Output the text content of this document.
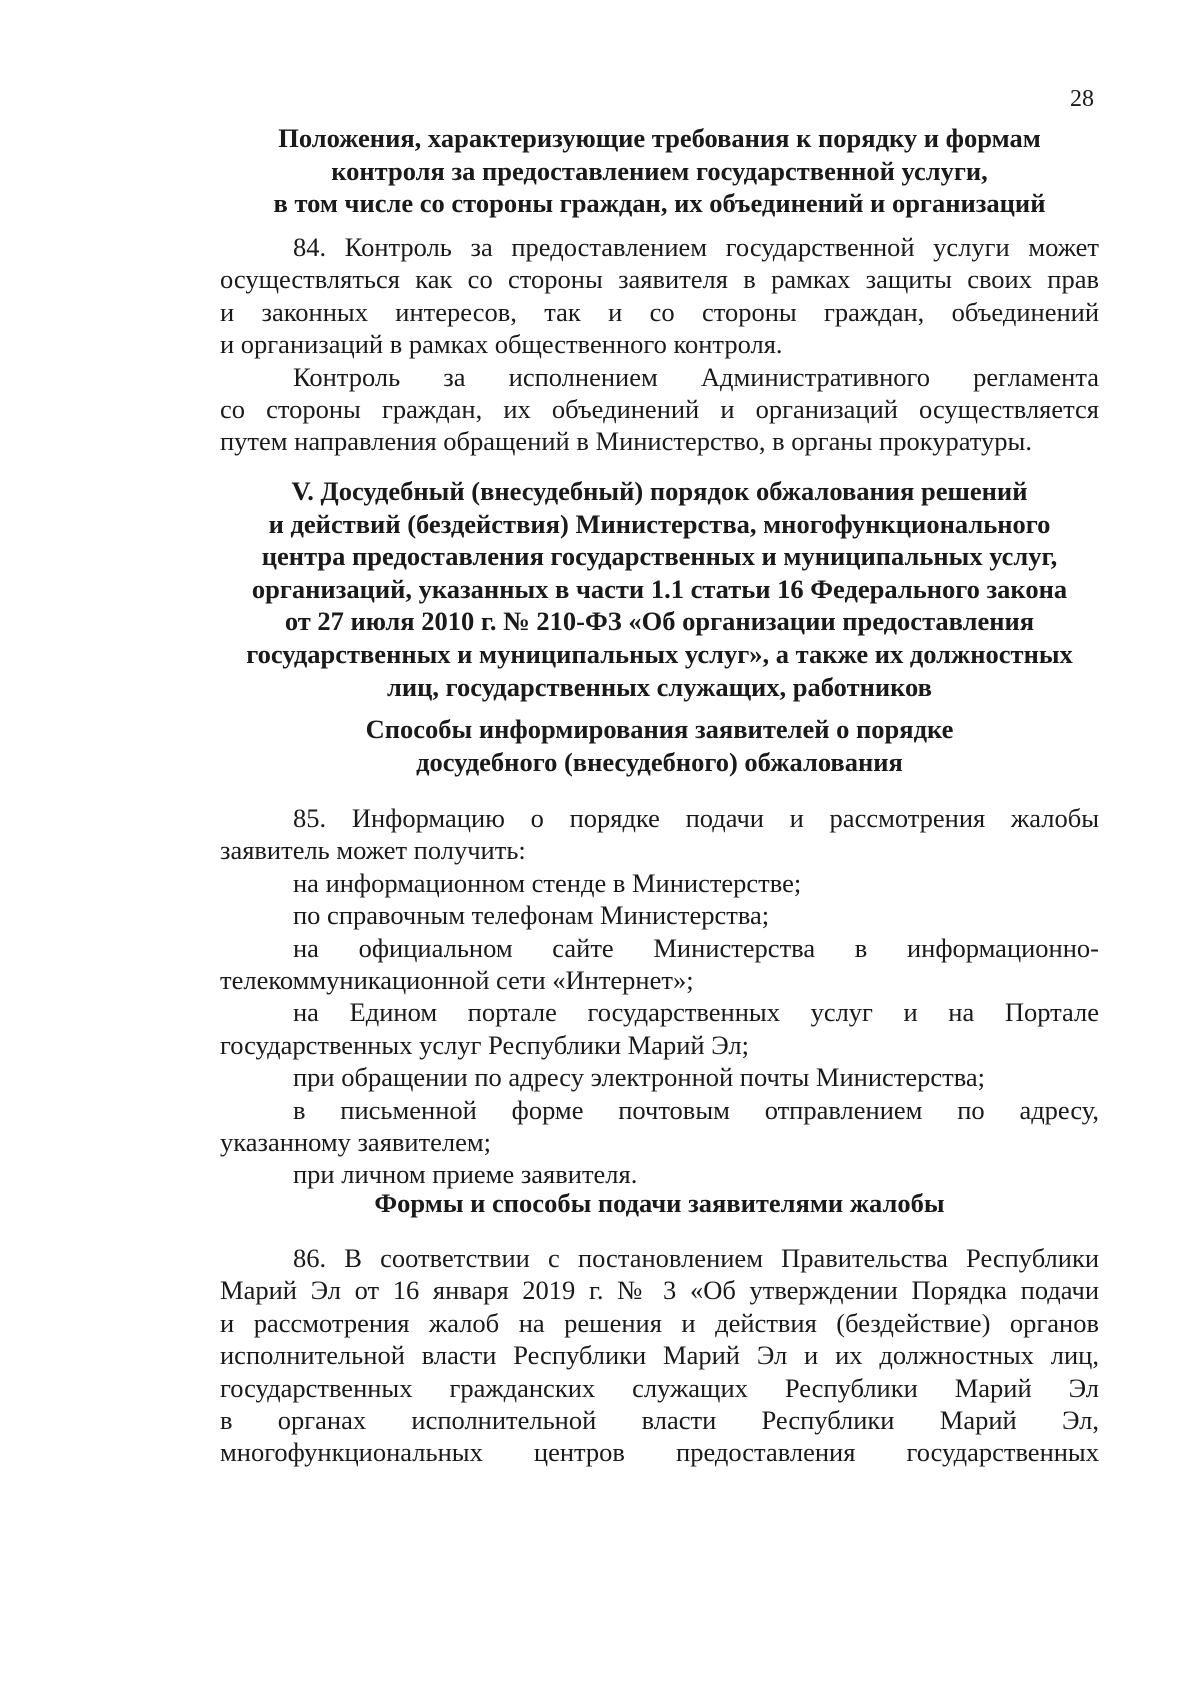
28
Положения, характеризующие требования к порядку и формам
контроля за предоставлением государственной услуги,
в том числе со стороны граждан, их объединений и организаций
84. Контроль за предоставлением государственной услуги может
осуществляться как со стороны заявителя в рамках защиты своих прав
и законных интересов, так и со стороны граждан, объединений
и организаций в рамках общественного контроля.
Контроль за исполнением Административного регламента
со стороны граждан, их объединений и организаций осуществляется
путем направления обращений в Министерство, в органы прокуратуры.
V. Досудебный (внесудебный) порядок обжалования решений
и действий (бездействия) Министерства, многофункционального
центра предоставления государственных и муниципальных услуг,
организаций, указанных в части 1.1 статьи 16 Федерального закона
от 27 июля 2010 г. № 210-ФЗ «Об организации предоставления
государственных и муниципальных услуг», а также их должностных
лиц, государственных служащих, работников
Способы информирования заявителей о порядке
досудебного (внесудебного) обжалования
85. Информацию о порядке подачи и рассмотрения жалобы
заявитель может получить:
на информационном стенде в Министерстве;
по справочным телефонам Министерства;
на официальном сайте Министерства в информационно-
телекоммуникационной сети «Интернет»;
на Едином портале государственных услуг и на Портале
государственных услуг Республики Марий Эл;
при обращении по адресу электронной почты Министерства;
в письменной форме почтовым отправлением по адресу,
указанному заявителем;
при личном приеме заявителя.
Формы и способы подачи заявителями жалобы
86. В соответствии с постановлением Правительства Республики
Марий Эл от 16 января 2019 г. № 3 «Об утверждении Порядка подачи
и рассмотрения жалоб на решения и действия (бездействие) органов
исполнительной власти Республики Марий Эл и их должностных лиц,
государственных гражданских служащих Республики Марий Эл
в органах исполнительной власти Республики Марий Эл,
многофункциональных центров предоставления государственных
